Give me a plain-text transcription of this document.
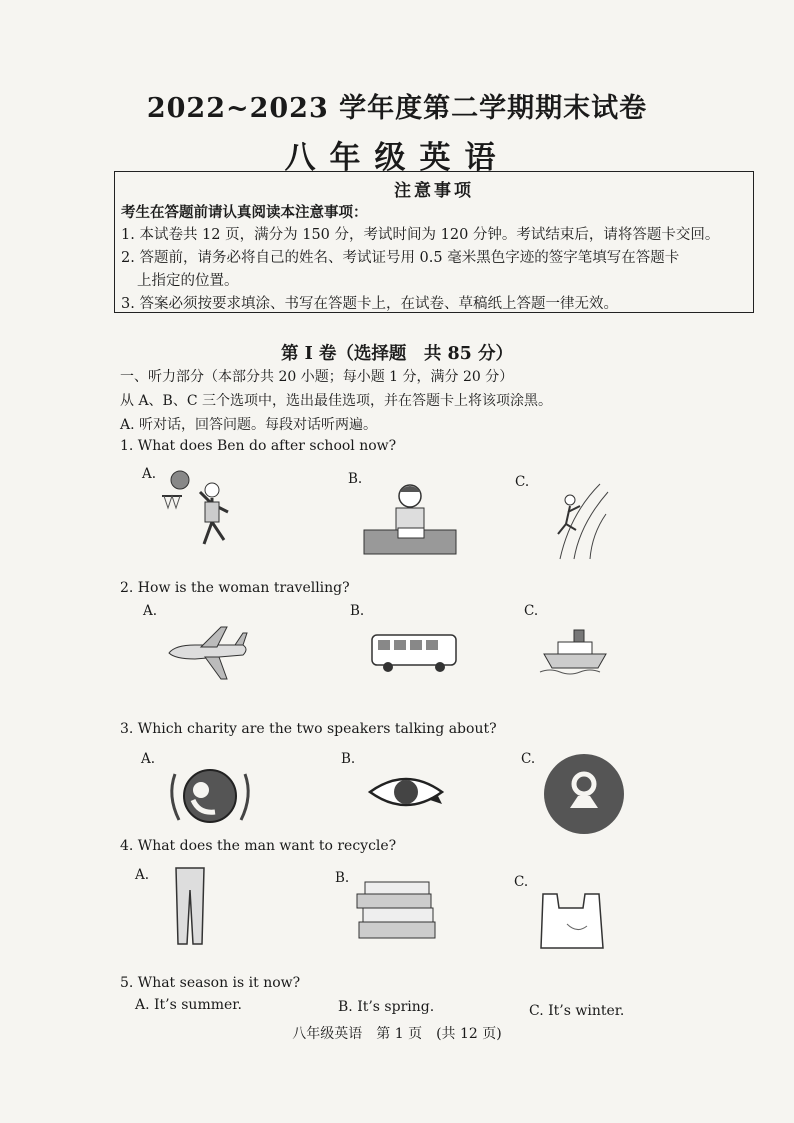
2022~2023 学年度第二学期期末试卷
八年级英语
注意事项

考生在答题前请认真阅读本注意事项：

1. 本试卷共 12 页，满分为 150 分，考试时间为 120 分钟。考试结束后，请将答题卡交回。

2. 答题前，请务必将自己的姓名、考试证号用 0.5 毫米黑色字迹的签字笔填写在答题卡

上指定的位置。

3. 答案必须按要求填涂、书写在答题卡上，在试卷、草稿纸上答题一律无效。

第 I 卷（选择题　共 85 分）
一、听力部分（本部分共 20 小题；每小题 1 分，满分 20 分）
从 A、B、C 三个选项中，选出最佳选项，并在答题卡上将该项涂黑。
A. 听对话，回答问题。每段对话听两遍。
1. What does Ben do after school now?
A.	B.	C.
2. How is the woman travelling?
A.	B.	C.
3. Which charity are the two speakers talking about?
A.	B.	C.
4. What does the man want to recycle?
A.	B.	C.
5. What season is it now?
A. It’s summer.	B. It’s spring.	C. It’s winter.
八年级英语　第 1 页　(共 12 页)
